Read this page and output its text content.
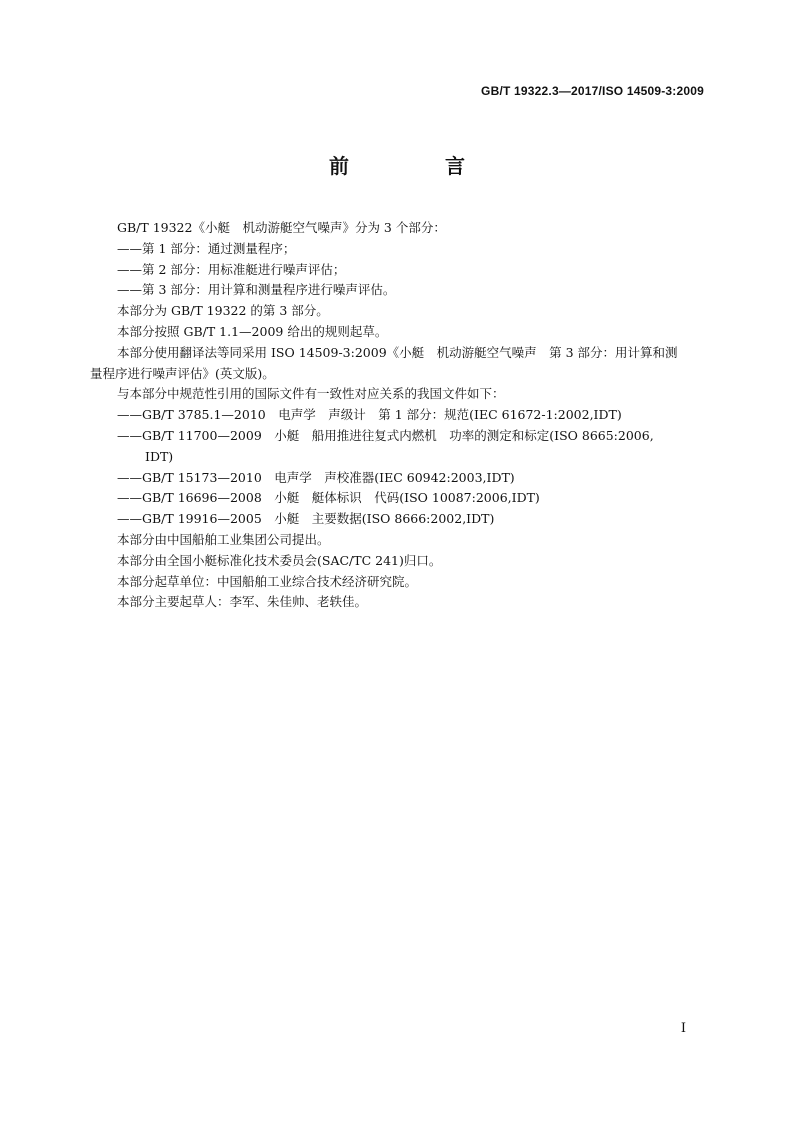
GB/T 19322.3—2017/ISO 14509-3:2009
前　言

GB/T 19322《小艇　机动游艇空气噪声》分为 3 个部分：

——第 1 部分：通过测量程序；

——第 2 部分：用标准艇进行噪声评估；

——第 3 部分：用计算和测量程序进行噪声评估。

本部分为 GB/T 19322 的第 3 部分。

本部分按照 GB/T 1.1—2009 给出的规则起草。

本部分使用翻译法等同采用 ISO 14509-3:2009《小艇　机动游艇空气噪声　第 3 部分：用计算和测

量程序进行噪声评估》(英文版)。

与本部分中规范性引用的国际文件有一致性对应关系的我国文件如下：

——GB/T 3785.1—2010　电声学　声级计　第 1 部分：规范(IEC 61672-1:2002,IDT)

——GB/T 11700—2009　小艇　船用推进往复式内燃机　功率的测定和标定(ISO 8665:2006,

IDT)

——GB/T 15173—2010　电声学　声校准器(IEC 60942:2003,IDT)

——GB/T 16696—2008　小艇　艇体标识　代码(ISO 10087:2006,IDT)

——GB/T 19916—2005　小艇　主要数据(ISO 8666:2002,IDT)

本部分由中国船舶工业集团公司提出。

本部分由全国小艇标准化技术委员会(SAC/TC 241)归口。

本部分起草单位：中国船舶工业综合技术经济研究院。

本部分主要起草人：李军、朱佳帅、老轶佳。

I
